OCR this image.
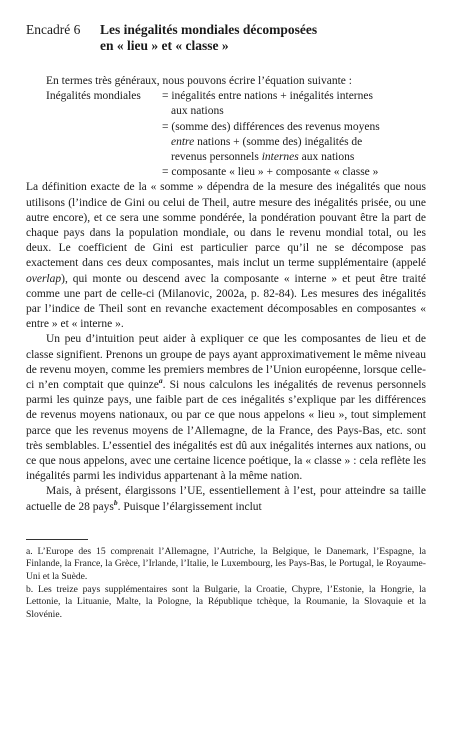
Encadré 6	Les inégalités mondiales décomposées
en « lieu » et « classe »

En termes très généraux, nous pouvons écrire l’équation suivante :

Inégalités mondiales = inégalités entre nations + inégalités internes
aux nations
= (somme des) différences des revenus moyens
entre nations + (somme des) inégalités de
revenus personnels internes aux nations
= composante « lieu » + composante « classe »

La définition exacte de la « somme » dépendra de la mesure des inégalités que nous utilisons (l’indice de Gini ou celui de Theil, autre mesure des inégalités prisée, ou une autre encore), et ce sera une somme pondérée, la pondération pouvant être la part de chaque pays dans la population mondiale, ou dans le revenu mondial total, ou les deux. Le coefficient de Gini est particulier parce qu’il ne se décompose pas exactement dans ces deux composantes, mais inclut un terme supplémentaire (appelé overlap), qui monte ou descend avec la composante « interne » et peut être traité comme une part de celle-ci (Milanovic, 2002a, p. 82-84). Les mesures des inégalités par l’indice de Theil sont en revanche exactement décomposables en composantes « entre » et « interne ».

Un peu d’intuition peut aider à expliquer ce que les composantes de lieu et de classe signifient. Prenons un groupe de pays ayant approximativement le même niveau de revenu moyen, comme les premiers membres de l’Union européenne, lorsque celle-ci n’en comptait que quinze$^a$. Si nous calculons les inégalités de revenus personnels parmi les quinze pays, une faible part de ces inégalités s’explique par les différences de revenus moyens nationaux, ou par ce que nous appelons « lieu », tout simplement parce que les revenus moyens de l’Allemagne, de la France, des Pays-Bas, etc. sont très semblables. L’essentiel des inégalités est dû aux inégalités internes aux nations, ou ce que nous appelons, avec une certaine licence poétique, la « classe » : cela reflète les inégalités parmi les individus appartenant à la même nation.

Mais, à présent, élargissons l’UE, essentiellement à l’est, pour atteindre sa taille actuelle de 28 pays$^b$. Puisque l’élargissement inclut

a. L’Europe des 15 comprenait l’Allemagne, l’Autriche, la Belgique, le Danemark, l’Espagne, la Finlande, la France, la Grèce, l’Irlande, l’Italie, le Luxembourg, les Pays-Bas, le Portugal, le Royaume-Uni et la Suède.

b. Les treize pays supplémentaires sont la Bulgarie, la Croatie, Chypre, l’Estonie, la Hongrie, la Lettonie, la Lituanie, Malte, la Pologne, la République tchèque, la Roumanie, la Slovaquie et la Slovénie.
